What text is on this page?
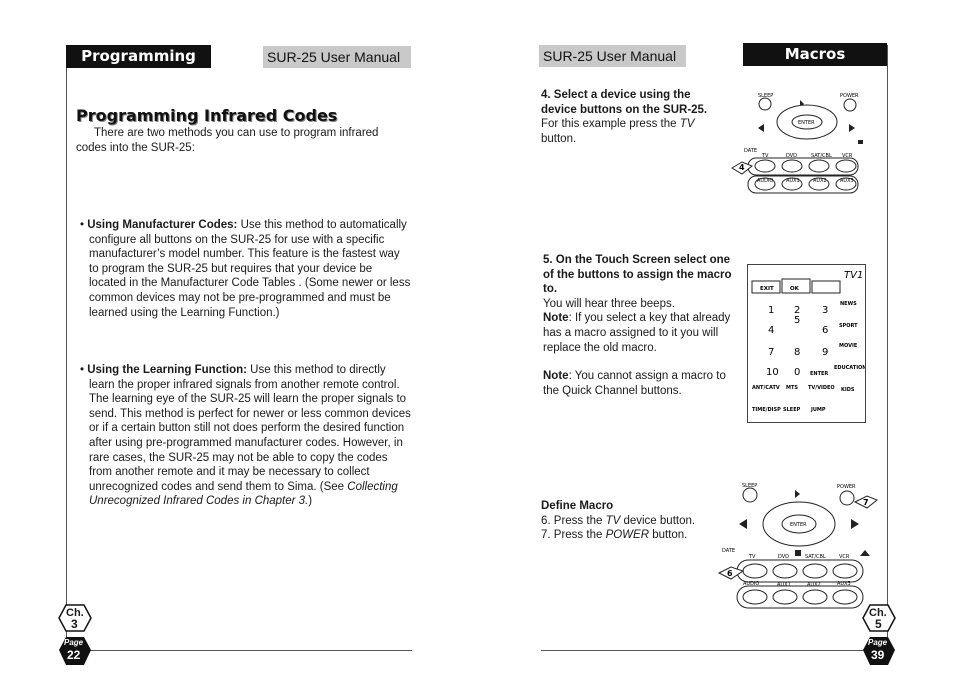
Programming	SUR-25 User Manual
Programming Infrared Codes
There are two methods you can use to program infrared codes into the SUR-25:
• Using Manufacturer Codes: Use this method to automatically configure all buttons on the SUR-25 for use with a specific manufacturer’s model number. This feature is the fastest way to program the SUR-25 but requires that your device be located in the Manufacturer Code Tables . (Some newer or less common devices may not be pre-programmed and must be learned using the Learning Function.)
• Using the Learning Function: Use this method to directly learn the proper infrared signals from another remote control. The learning eye of the SUR-25 will learn the proper signals to send. This method is perfect for newer or less common devices or if a certain button still not does perform the desired function after using pre-programmed manufacturer codes. However, in rare cases, the SUR-25 may not be able to copy the codes from another remote and it may be necessary to collect unrecognized codes and send them to Sima. (See Collecting Unrecognized Infrared Codes in Chapter 3.)
Ch.
3
Page
22
SUR-25 User Manual	Macros
4. Select a device using the device buttons on the SUR-25.
For this example press the TV
button.
5. On the Touch Screen select one of the buttons to assign the macro to.
You will hear three beeps.
Note: If you select a key that already has a macro assigned to it you will replace the old macro.
Note: You cannot assign a macro to the Quick Channel buttons.
Define Macro
6. Press the TV device button.
7. Press the POWER button.
SLEEP	POWER
ENTER
DATE
TV	DVD	SAT/CBL VCR
AUDIO	AUX1	AUX2	AUX3
4
EXIT	OK
TV1
1 2 3
4
5
6
7 8 9
10 0
NEWS
SPORT
MOVIE
EDUCATION
ENTER
KIDS
ANT/CATV MTS TV/VIDEO
TIME/DISP SLEEP JUMP
SLEEP	POWER
ENTER
DATE
TV	DVD	SAT/CBL	VCR
AUDIO	AUX1	AUX2	AUX3
6
7
Ch.
5
Page
39
